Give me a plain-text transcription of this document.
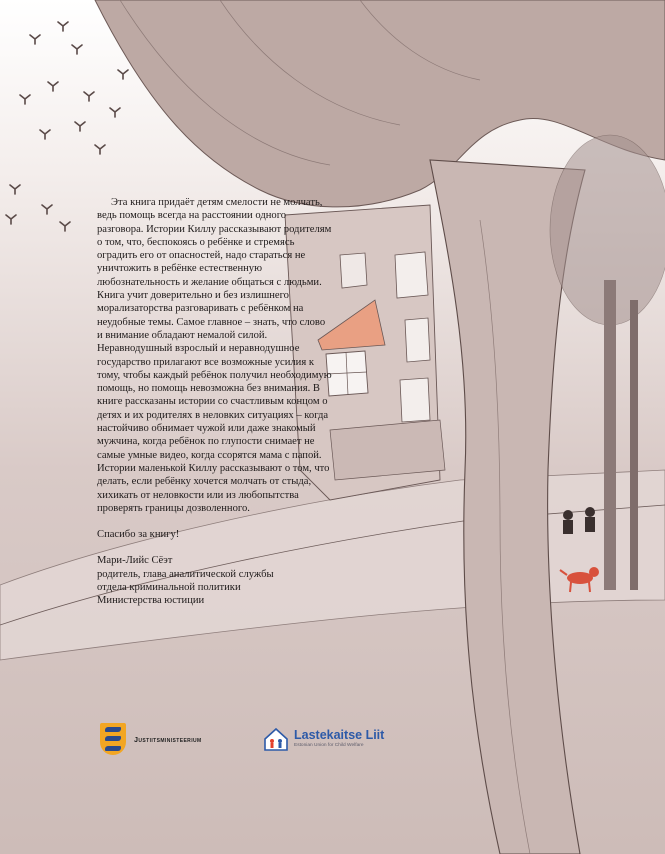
Эта книга придаёт детям смелости не молчать, ведь помощь всегда на расстоянии одного разговора. Истории Киллу рассказывают родителям о том, что, беспокоясь о ребёнке и стремясь оградить его от опасностей, надо стараться не уничтожить в ребёнке естественную любознательность и желание общаться с людьми. Книга учит доверительно и без излишнего морализаторства разговаривать с ребёнком на неудобные темы. Самое главное – знать, что слово и внимание обладают немалой силой. Неравнодушный взрослый и неравнодушное государство прилагают все возможные усилия к тому, чтобы каждый ребёнок получил необходимую помощь, но помощь невозможна без внимания. В книге рассказаны истории со счастливым концом о детях и их родителях в неловких ситуациях – когда настойчиво обнимает чужой или даже знакомый мужчина, когда ребёнок по глупости снимает не самые умные видео, когда ссорятся мама с папой. Истории маленькой Киллу рассказывают о том, что делать, если ребёнку хочется молчать от стыда, хихикать от неловкости или из любопытства проверять границы дозволенного.

Спасибо за книгу!

Мари-Лийс Сёэт

родитель, глава аналитической службы

отдела криминальной политики

Министерства юстиции

Justiitsministeerium	Lastekaitse Liit
Estonian Union for Child Welfare
